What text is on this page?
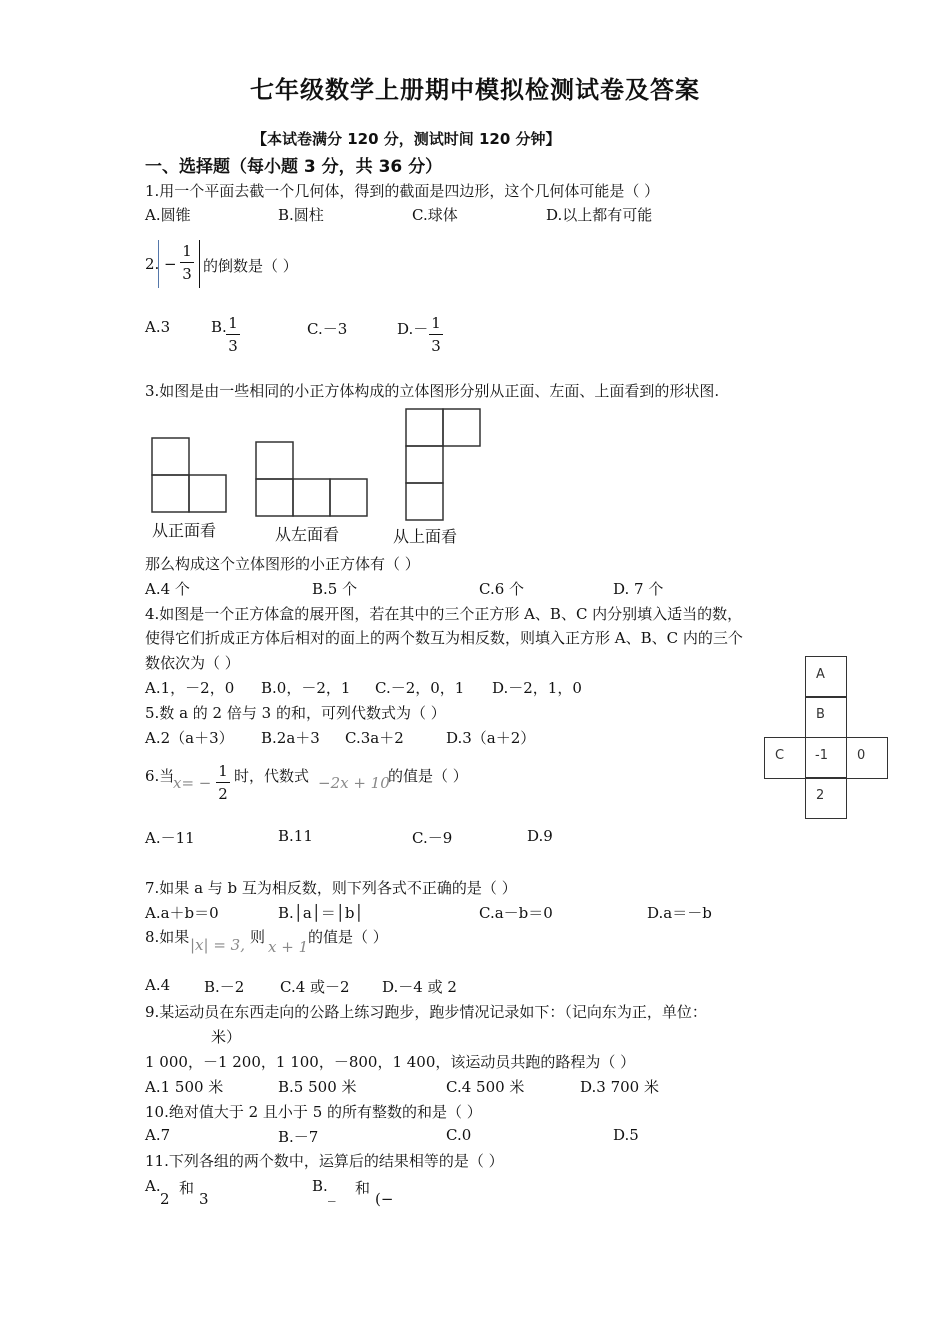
七年级数学上册期中模拟检测试卷及答案
【本试卷满分 120 分，测试时间 120 分钟】
一、选择题（每小题 3 分，共 36 分）
1.用一个平面去截一个几何体，得到的截面是四边形，这个几何体可能是（ ）
A.圆锥	B.圆柱	C.球体	D.以上都有可能
2. −
1
3 的倒数是（ ）
A.3	B. 1
3
C.－3	D.－ 1
3
3.如图是由一些相同的小正方体构成的立体图形分别从正面、左面、上面看到的形状图.
从正面看	从左面看	从上面看
那么构成这个立体图形的小正方体有（ ）
A.4 个	B.5 个	C.6 个	D. 7 个
4.如图是一个正方体盒的展开图，若在其中的三个正方形 A、B、C 内分别填入适当的数，
使得它们折成正方体后相对的面上的两个数互为相反数，则填入正方形 A、B、C 内的三个
数依次为（ ）
A.1，－2，0 B.0，－2，1 C.－2，0，1 D.－2，1，0
A
B
C -1 0
2
5.数 a 的 2 倍与 3 的和，可列代数式为（ ）
A.2（a＋3） B.2a＋3 C.3a＋2	D.3（a＋2）
6.当
x= −
1
2
时，代数式 −2x + 10
的值是（ ）
A.－11	B.11	C.－9	D.9
7.如果 a 与 b 互为相反数，则下列各式不正确的是（ ）
A.a＋b＝0	B.│a│＝│b│	C.a－b＝0	D.a＝－b
8.如果 |x| = 3, 则
x + 1
的值是（ ）
A.4 B.－2 C.4 或－2 D.－4 或 2
9.某运动员在东西走向的公路上练习跑步，跑步情况记录如下：（记向东为正，单位：
米）
1 000，－1 200，1 100，－800，1 400，该运动员共跑的路程为（ ）
A.1 500 米	B.5 500 米	C.4 500 米	D.3 700 米
10.绝对值大于 2 且小于 5 的所有整数的和是（ ）
A.7	B.－7	C.0	D.5
11.下列各组的两个数中，运算后的结果相等的是（ ）
A.
2
和
3
B. _ 和
(−
